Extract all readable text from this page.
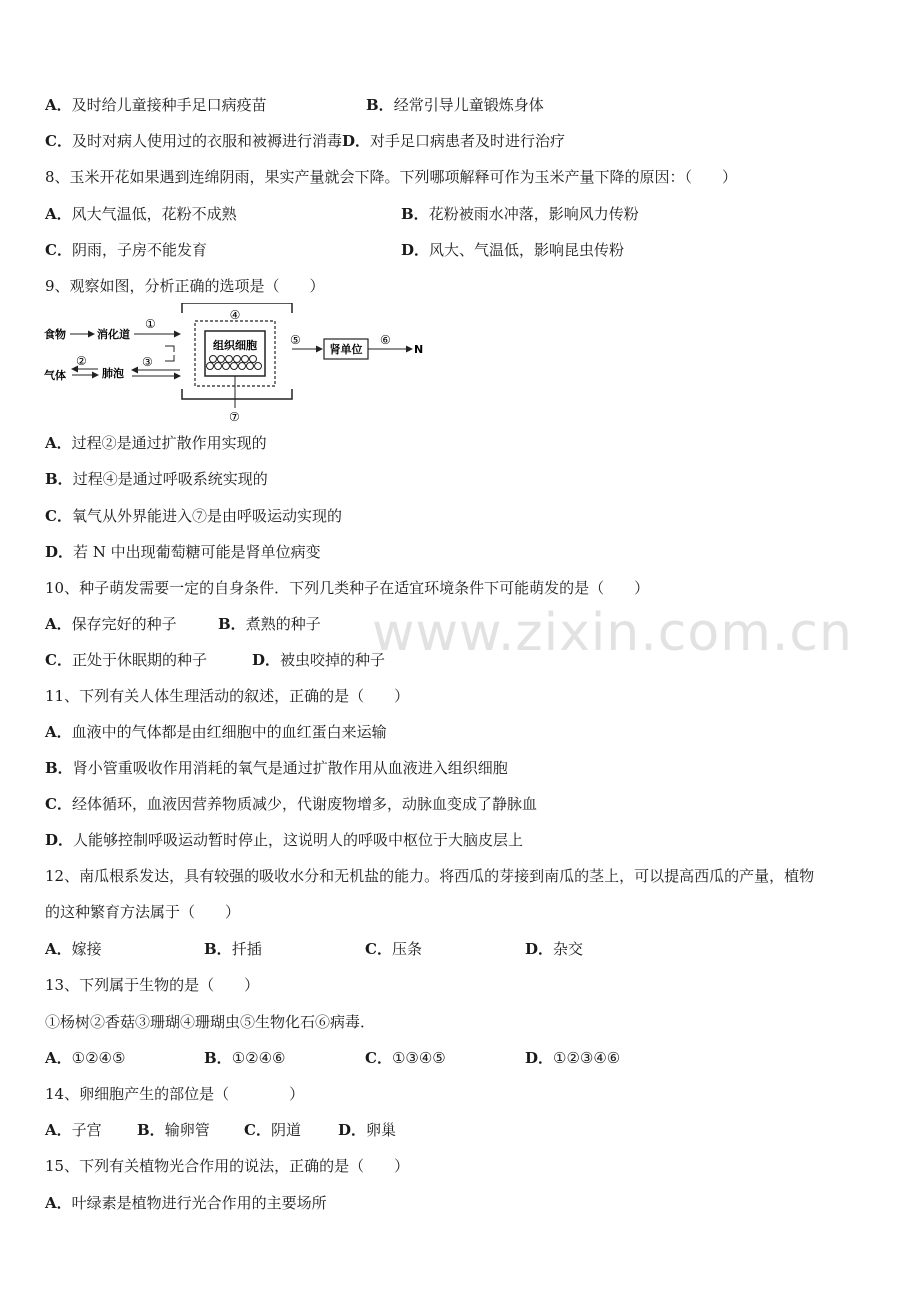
www.zixin.com.cn
A．及时给儿童接种手足口病疫苗	B．经常引导儿童锻炼身体
C．及时对病人使用过的衣服和被褥进行消毒D．对手足口病患者及时进行治疗
8、玉米开花如果遇到连绵阴雨，果实产量就会下降。下列哪项解释可作为玉米产量下降的原因：（　　）
A．风大气温低，花粉不成熟	B．花粉被雨水冲落，影响风力传粉
C．阴雨，子房不能发育	D．风大、气温低，影响昆虫传粉
9、观察如图，分析正确的选项是（　　）
组织细胞
④
食物	消化道
①
③
气体
②
肺泡
⑤
肾单位
⑥
N
⑦
A．过程②是通过扩散作用实现的
B．过程④是通过呼吸系统实现的
C．氧气从外界能进入⑦是由呼吸运动实现的
D．若 N 中出现葡萄糖可能是肾单位病变
10、种子萌发需要一定的自身条件．下列几类种子在适宜环境条件下可能萌发的是（　　）
A．保存完好的种子	B．煮熟的种子
C．正处于休眠期的种子	D．被虫咬掉的种子
11、下列有关人体生理活动的叙述，正确的是（　　）
A．血液中的气体都是由红细胞中的血红蛋白来运输
B．肾小管重吸收作用消耗的氧气是通过扩散作用从血液进入组织细胞
C．经体循环，血液因营养物质减少，代谢废物增多，动脉血变成了静脉血
D．人能够控制呼吸运动暂时停止，这说明人的呼吸中枢位于大脑皮层上
12、南瓜根系发达，具有较强的吸收水分和无机盐的能力。将西瓜的芽接到南瓜的茎上，可以提高西瓜的产量，植物
的这种繁育方法属于（　　）
A．嫁接	B．扦插	C．压条	D．杂交
13、下列属于生物的是（　　）
①杨树②香菇③珊瑚④珊瑚虫⑤生物化石⑥病毒．
A．①②④⑤	B．①②④⑥	C．①③④⑤	D．①②③④⑥
14、卵细胞产生的部位是（　　　　）
A．子宫 B．输卵管 C．阴道 D．卵巢
15、下列有关植物光合作用的说法，正确的是（　　）
A．叶绿素是植物进行光合作用的主要场所
